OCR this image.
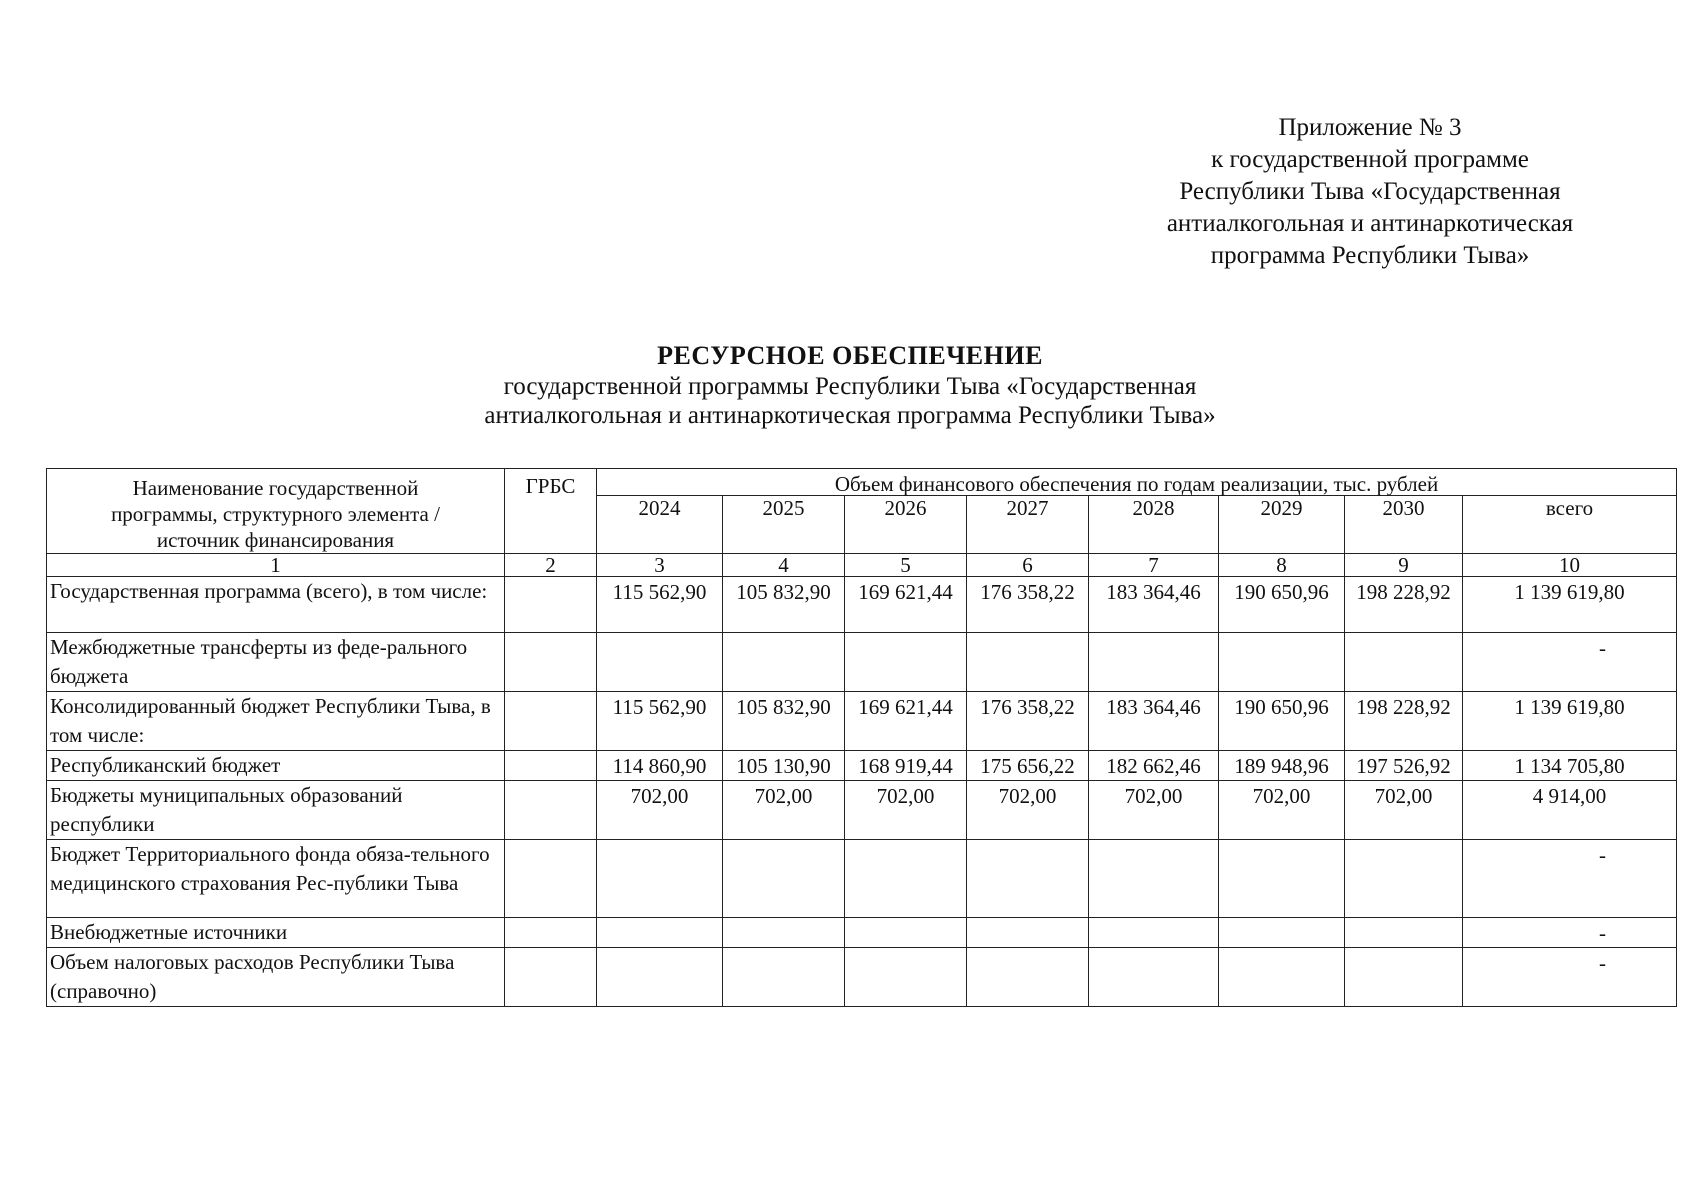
Приложение № 3
к государственной программе
Республики Тыва «Государственная
антиалкогольная и антинаркотическая
программа Республики Тыва»
РЕСУРСНОЕ ОБЕСПЕЧЕНИЕ
государственной программы Республики Тыва «Государственная
антиалкогольная и антинаркотическая программа Республики Тыва»
Наименование государственной программы, структурного элемента / источник финансирования	ГРБС	Объем финансового обеспечения по годам реализации, тыс. рублей							
		2024	2025	2026	2027	2028	2029	2030	всего
1	2	3	4	5	6	7	8	9	10
Государственная программа (всего), в том числе:		115 562,90	105 832,90	169 621,44	176 358,22	183 364,46	190 650,96	198 228,92	1 139 619,80
Межбюджетные трансферты из феде-рального бюджета									-
Консолидированный бюджет Республики Тыва, в том числе:		115 562,90	105 832,90	169 621,44	176 358,22	183 364,46	190 650,96	198 228,92	1 139 619,80
Республиканский бюджет		114 860,90	105 130,90	168 919,44	175 656,22	182 662,46	189 948,96	197 526,92	1 134 705,80
Бюджеты муниципальных образований республики		702,00	702,00	702,00	702,00	702,00	702,00	702,00	4 914,00
Бюджет Территориального фонда обяза-тельного медицинского страхования Рес-публики Тыва									-
Внебюджетные источники									-
Объем налоговых расходов Республики Тыва (справочно)									-
